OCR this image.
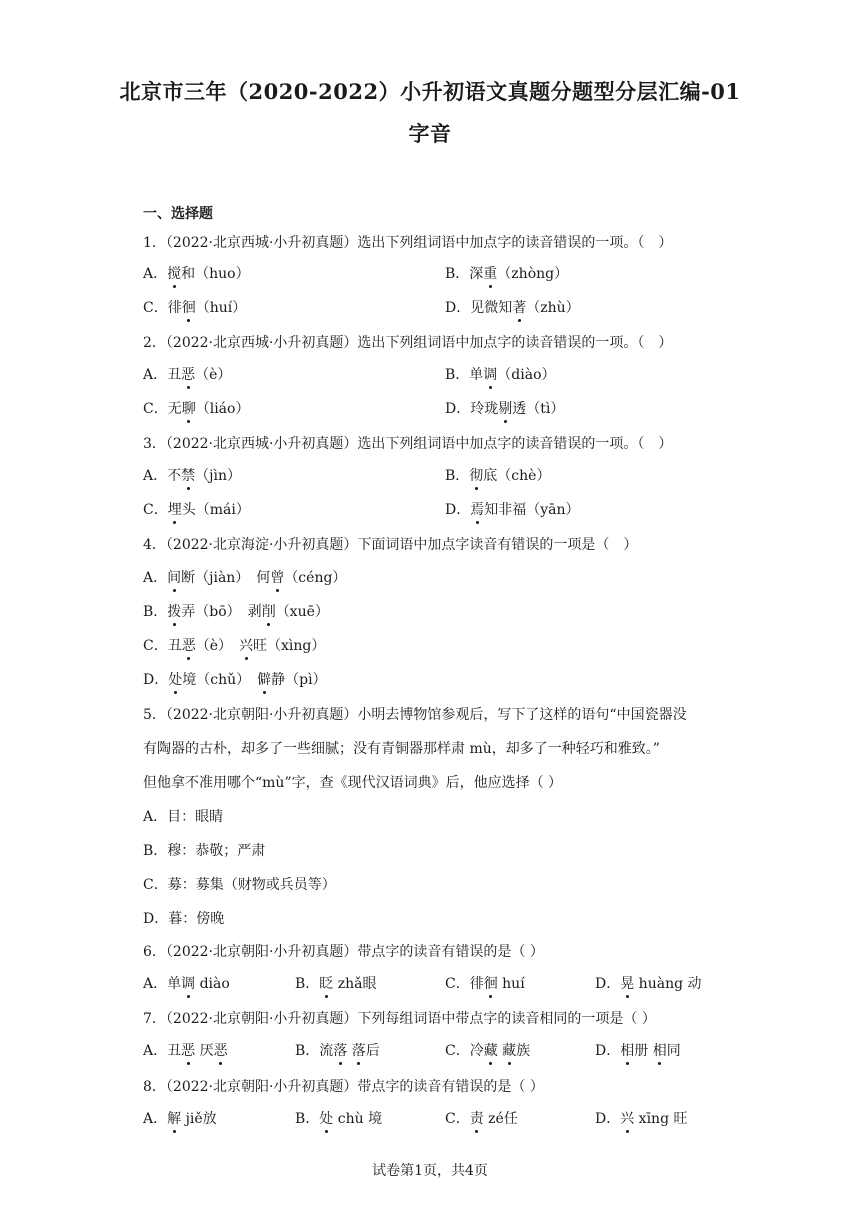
北京市三年（2020-2022）小升初语文真题分题型分层汇编-01
字音
一、选择题
1．（2022·北京西城·小升初真题）选出下列组词语中加点字的读音错误的一项。（　）
A．搅和（huo）	B．深重（zhòng）
C．徘徊（huí）	D．见微知著（zhù）
2．（2022·北京西城·小升初真题）选出下列组词语中加点字的读音错误的一项。（　）
A．丑恶（è）	B．单调（diào）
C．无聊（liáo）	D．玲珑剔透（tì）
3．（2022·北京西城·小升初真题）选出下列组词语中加点字的读音错误的一项。（　）
A．不禁（jìn）	B．彻底（chè）
C．埋头（mái）	D．焉知非福（yān）
4．（2022·北京海淀·小升初真题）下面词语中加点字读音有错误的一项是（　）
A．间断（jiàn）　何曾（céng）
B．拨弄（bō）　剥削（xuē）
C．丑恶（è）　兴旺（xìng）
D．处境（chǔ）　僻静（pì）
5．（2022·北京朝阳·小升初真题）小明去博物馆参观后，写下了这样的语句“中国瓷器没
有陶器的古朴，却多了一些细腻；没有青铜器那样肃 mù，却多了一种轻巧和雅致。”
但他拿不准用哪个“mù”字，查《现代汉语词典》后，他应选择（ ）
A．目：眼睛
B．穆：恭敬；严肃
C．募：募集（财物或兵员等）
D．暮：傍晚
6．（2022·北京朝阳·小升初真题）带点字的读音有错误的是（ ）
A．单调 diào	B．眨 zhǎ眼	C．徘徊 huí	D．晃 huàng 动
7．（2022·北京朝阳·小升初真题）下列每组词语中带点字的读音相同的一项是（ ）
A．丑恶 厌恶	B．流落 落后	C．冷藏 藏族	D．相册 相同
8．（2022·北京朝阳·小升初真题）带点字的读音有错误的是（ ）
A．解 jiě放	B．处 chù 境	C．责 zé任	D．兴 xīng 旺
试卷第1页，共4页
